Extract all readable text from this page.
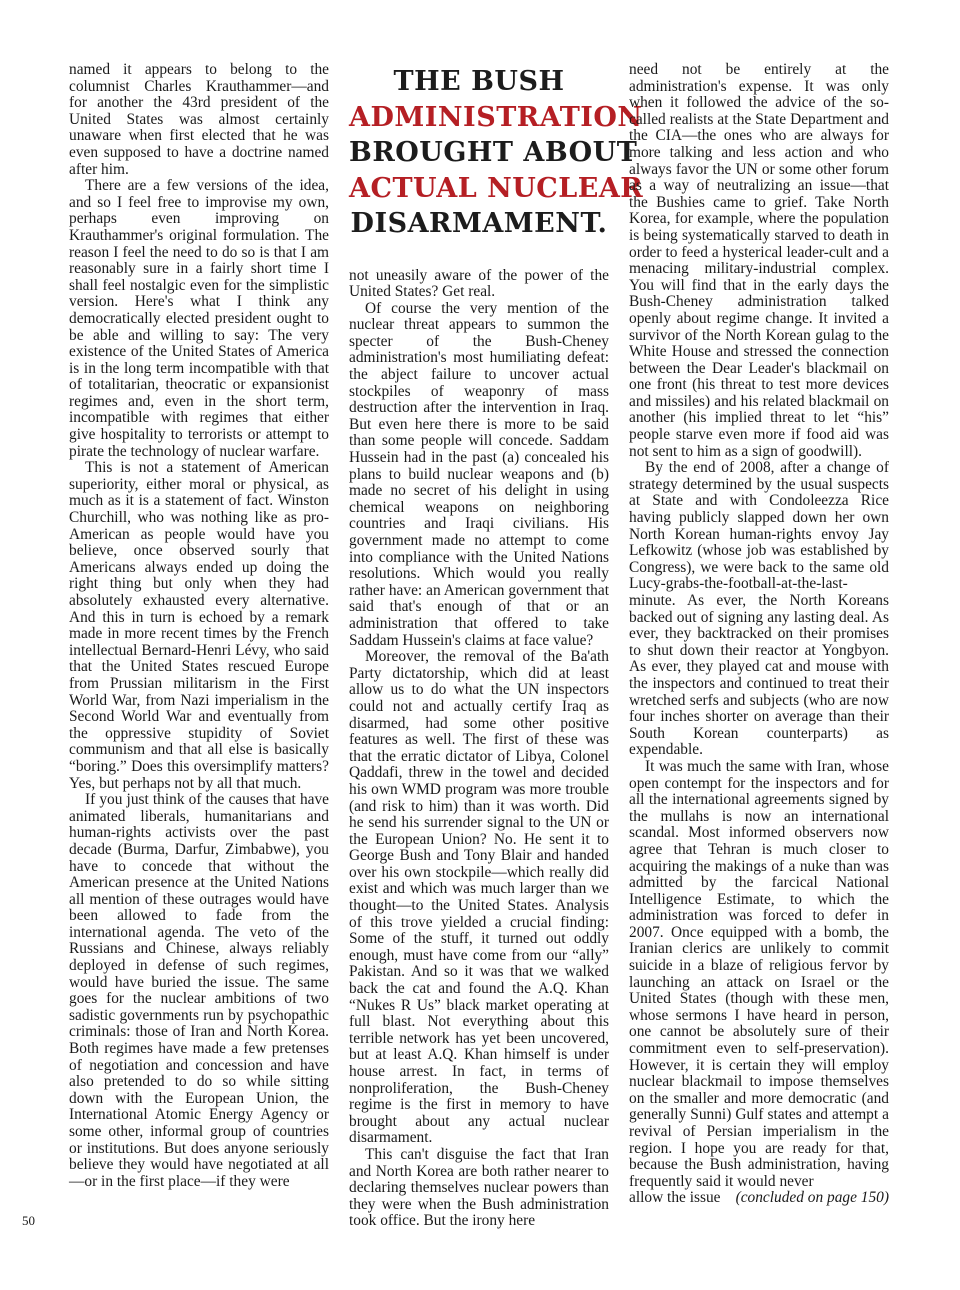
50

named it appears to belong to the columnist Charles Krauthammer—and for another the 43rd president of the United States was almost certainly unaware when first elected that he was even supposed to have a doctrine named after him.

There are a few versions of the idea, and so I feel free to improvise my own, perhaps even improving on Krauthammer's original formulation. The reason I feel the need to do so is that I am reasonably sure in a fairly short time I shall feel nostalgic even for the simplistic version. Here's what I think any democratically elected president ought to be able and willing to say: The very existence of the United States of America is in the long term incompatible with that of totalitarian, theocratic or expansionist regimes and, even in the short term, incompatible with regimes that either give hospitality to terrorists or attempt to pirate the technology of nuclear warfare.

This is not a statement of American superiority, either moral or physical, as much as it is a statement of fact. Winston Churchill, who was nothing like as pro-American as people would have you believe, once observed sourly that Americans always ended up doing the right thing but only when they had absolutely exhausted every alternative. And this in turn is echoed by a remark made in more recent times by the French intellectual Bernard-Henri Lévy, who said that the United States rescued Europe from Prussian militarism in the First World War, from Nazi imperialism in the Second World War and eventually from the oppressive stupidity of Soviet communism and that all else is basically “boring.” Does this oversimplify matters? Yes, but perhaps not by all that much.

If you just think of the causes that have animated liberals, humanitarians and human-rights activists over the past decade (Burma, Darfur, Zimbabwe), you have to concede that without the American presence at the United Nations all mention of these outrages would have been allowed to fade from the international agenda. The veto of the Russians and Chinese, always reliably deployed in defense of such regimes, would have buried the issue. The same goes for the nuclear ambitions of two sadistic governments run by psychopathic criminals: those of Iran and North Korea. Both regimes have made a few pretenses of negotiation and concession and have also pretended to do so while sitting down with the European Union, the International Atomic Energy Agency or some other, informal group of countries or institutions. But does anyone seriously believe they would have negotiated at all—or in the first place—if they were

THE BUSH
ADMINISTRATION
BROUGHT ABOUT
ACTUAL NUCLEAR
DISARMAMENT.

not uneasily aware of the power of the United States? Get real.

Of course the very mention of the nuclear threat appears to summon the specter of the Bush-Cheney administration's most humiliating defeat: the abject failure to uncover actual stockpiles of weaponry of mass destruction after the intervention in Iraq. But even here there is more to be said than some people will concede. Saddam Hussein had in the past (a) concealed his plans to build nuclear weapons and (b) made no secret of his delight in using chemical weapons on neighboring countries and Iraqi civilians. His government made no attempt to come into compliance with the United Nations resolutions. Which would you really rather have: an American government that said that's enough of that or an administration that offered to take Saddam Hussein's claims at face value?

Moreover, the removal of the Ba'ath Party dictatorship, which did at least allow us to do what the UN inspectors could not and actually certify Iraq as disarmed, had some other positive features as well. The first of these was that the erratic dictator of Libya, Colonel Qaddafi, threw in the towel and decided his own WMD program was more trouble (and risk to him) than it was worth. Did he send his surrender signal to the UN or the European Union? No. He sent it to George Bush and Tony Blair and handed over his own stockpile—which really did exist and which was much larger than we thought—to the United States. Analysis of this trove yielded a crucial finding: Some of the stuff, it turned out oddly enough, must have come from our “ally” Pakistan. And so it was that we walked back the cat and found the A.Q. Khan “Nukes R Us” black market operating at full blast. Not everything about this terrible network has yet been uncovered, but at least A.Q. Khan himself is under house arrest. In fact, in terms of nonproliferation, the Bush-Cheney regime is the first in memory to have brought about any actual nuclear disarmament.

This can't disguise the fact that Iran and North Korea are both rather nearer to declaring themselves nuclear powers than they were when the Bush administration took office. But the irony here

need not be entirely at the administration's expense. It was only when it followed the advice of the so-called realists at the State Department and the CIA—the ones who are always for more talking and less action and who always favor the UN or some other forum as a way of neutralizing an issue—that the Bushies came to grief. Take North Korea, for example, where the population is being systematically starved to death in order to feed a hysterical leader-cult and a menacing military-industrial complex. You will find that in the early days the Bush-Cheney administration talked openly about regime change. It invited a survivor of the North Korean gulag to the White House and stressed the connection between the Dear Leader's blackmail on one front (his threat to test more devices and missiles) and his related blackmail on another (his implied threat to let “his” people starve even more if food aid was not sent to him as a sign of goodwill).

By the end of 2008, after a change of strategy determined by the usual suspects at State and with Condoleezza Rice having publicly slapped down her own North Korean human-rights envoy Jay Lefkowitz (whose job was established by Congress), we were back to the same old Lucy-grabs-the-football-at-the-last-minute. As ever, the North Koreans backed out of signing any lasting deal. As ever, they backtracked on their promises to shut down their reactor at Yongbyon. As ever, they played cat and mouse with the inspectors and continued to treat their wretched serfs and subjects (who are now four inches shorter on average than their South Korean counterparts) as expendable.

It was much the same with Iran, whose open contempt for the inspectors and for all the international agreements signed by the mullahs is now an international scandal. Most informed observers now agree that Tehran is much closer to acquiring the makings of a nuke than was admitted by the farcical National Intelligence Estimate, to which the administration was forced to defer in 2007. Once equipped with a bomb, the Iranian clerics are unlikely to commit suicide in a blaze of religious fervor by launching an attack on Israel or the United States (though with these men, whose sermons I have heard in person, one cannot be absolutely sure of their commitment even to self-preservation). However, it is certain they will employ nuclear blackmail to impose themselves on the smaller and more democratic (and generally Sunni) Gulf states and attempt a revival of Persian imperialism in the region. I hope you are ready for that, because the Bush administration, having frequently said it would never

allow the issue (concluded on page 150)
